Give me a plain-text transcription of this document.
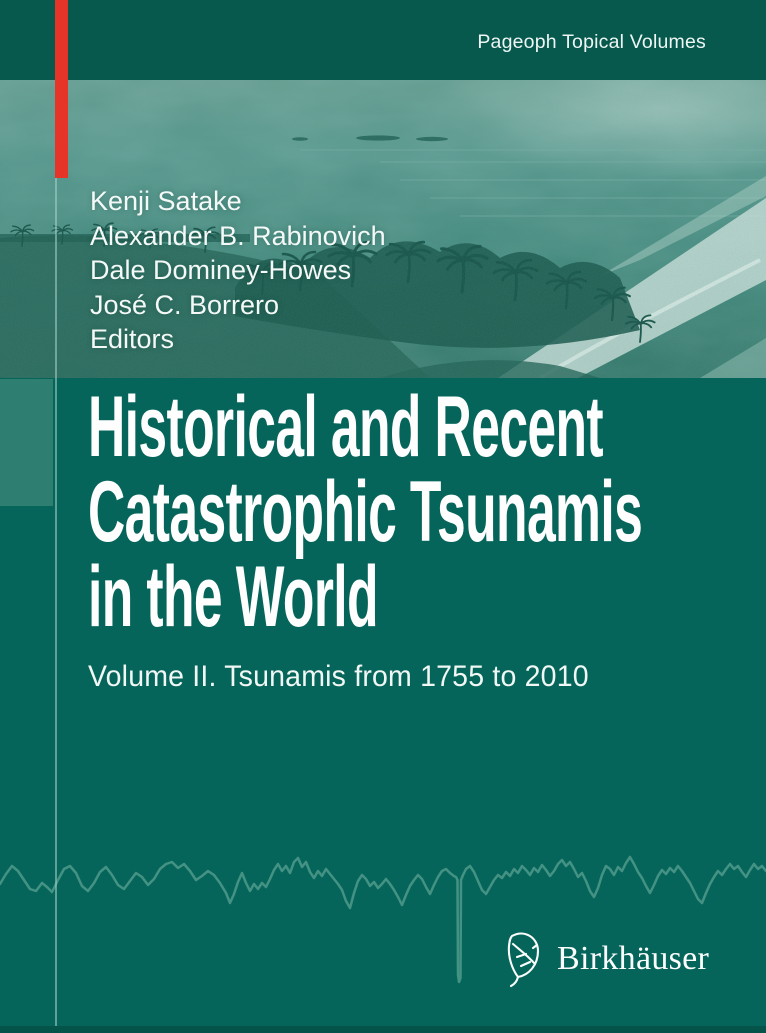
Pageoph Topical Volumes
Kenji Satake
Alexander B. Rabinovich
Dale Dominey-Howes
José C. Borrero
Editors
Historical and Recent
Catastrophic Tsunamis
in the World
Volume II. Tsunamis from 1755 to 2010
Birkhäuser
